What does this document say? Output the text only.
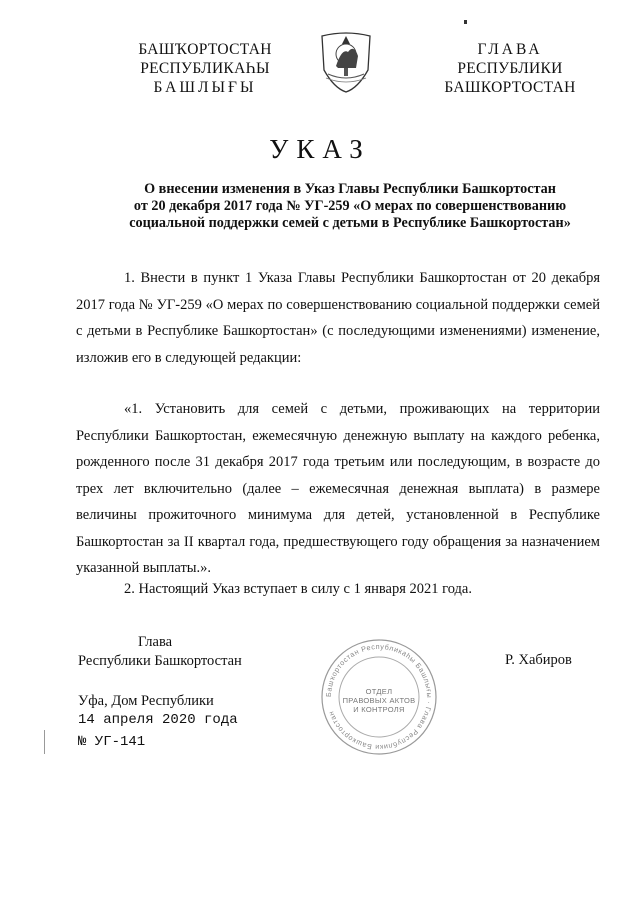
БАШҠОРТОСТАН
РЕСПУБЛИКАҺЫ
БАШЛЫҒЫ
ГЛАВА
РЕСПУБЛИКИ
БАШКОРТОСТАН
УКАЗ
О внесении изменения в Указ Главы Республики Башкортостан
от 20 декабря 2017 года № УГ-259 «О мерах по совершенствованию
социальной поддержки семей с детьми в Республике Башкортостан»
1. Внести в пункт 1 Указа Главы Республики Башкортостан от 20 декабря 2017 года № УГ-259 «О мерах по совершенствованию социальной поддержки семей с детьми в Республике Башкортостан» (с последующими изменениями) изменение, изложив его в следующей редакции:
«1. Установить для семей с детьми, проживающих на территории Республики Башкортостан, ежемесячную денежную выплату на каждого ребенка, рожденного после 31 декабря 2017 года третьим или последующим, в возрасте до трех лет включительно (далее – ежемесячная денежная выплата) в размере величины прожиточного минимума для детей, установленной в Республике Башкортостан за II квартал года, предшествующего году обращения за назначением указанной выплаты.».
2. Настоящий Указ вступает в силу с 1 января 2021 года.
Глава
Республики Башкортостан
Башҡортостан Республикаһы Башлығы · Глава Республики Башкортостан
ОТДЕЛ
ПРАВОВЫХ АКТОВ
И КОНТРОЛЯ
Р. Хабиров
Уфа, Дом Республики
14 апреля 2020 года
№ УГ-141
